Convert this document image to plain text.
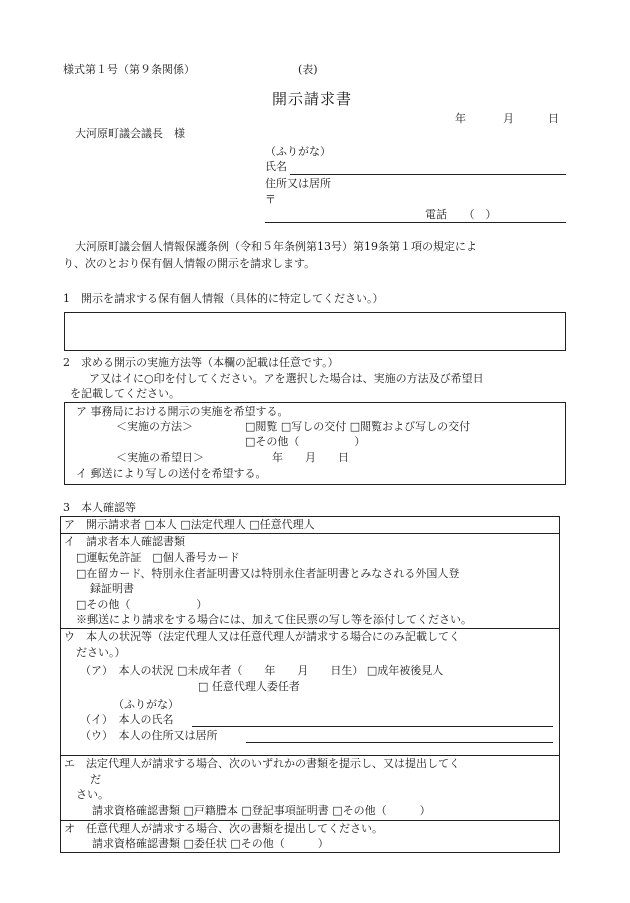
様式第１号（第９条関係）	(表)
開示請求書
年	月	日
大河原町議会議長　様
（ふりがな）
氏名
住所又は居所
〒
電話　　（　）
大河原町議会個人情報保護条例（令和５年条例第13号）第19条第１項の規定によ
り、次のとおり保有個人情報の開示を請求します。
1　開示を請求する保有個人情報（具体的に特定してください。）
2　求める開示の実施方法等（本欄の記載は任意です。）
ア又はイに○印を付してください。アを選択した場合は、実施の方法及び希望日
を記載してください。
ア 事務局における開示の実施を希望する。
＜実施の方法＞	□閲覧 □写しの交付 □閲覧および写しの交付
□その他（　　　　　）
＜実施の希望日＞	年　　月　　日
イ 郵送により写しの送付を希望する。
3　本人確認等
ア　開示請求者 □本人 □法定代理人 □任意代理人
イ　請求者本人確認書類
□運転免許証　□個人番号カード
□在留カード、特別永住者証明書又は特別永住者証明書とみなされる外国人登
録証明書
□その他（　　　　　　）
※郵送により請求をする場合には、加えて住民票の写し等を添付してください。
ウ　本人の状況等（法定代理人又は任意代理人が請求する場合にのみ記載してく
ださい。）
（ア）　本人の状況 □未成年者（　　年　　月　　日生） □成年被後見人
□ 任意代理人委任者
（ふりがな）
（イ）　本人の氏名
（ウ）　本人の住所又は居所
エ　法定代理人が請求する場合、次のいずれかの書類を提示し、又は提出してく
だ
さい。
請求資格確認書類 □戸籍謄本 □登記事項証明書 □その他（　　　）
オ　任意代理人が請求する場合、次の書類を提出してください。
請求資格確認書類 □委任状 □その他（　　　）
